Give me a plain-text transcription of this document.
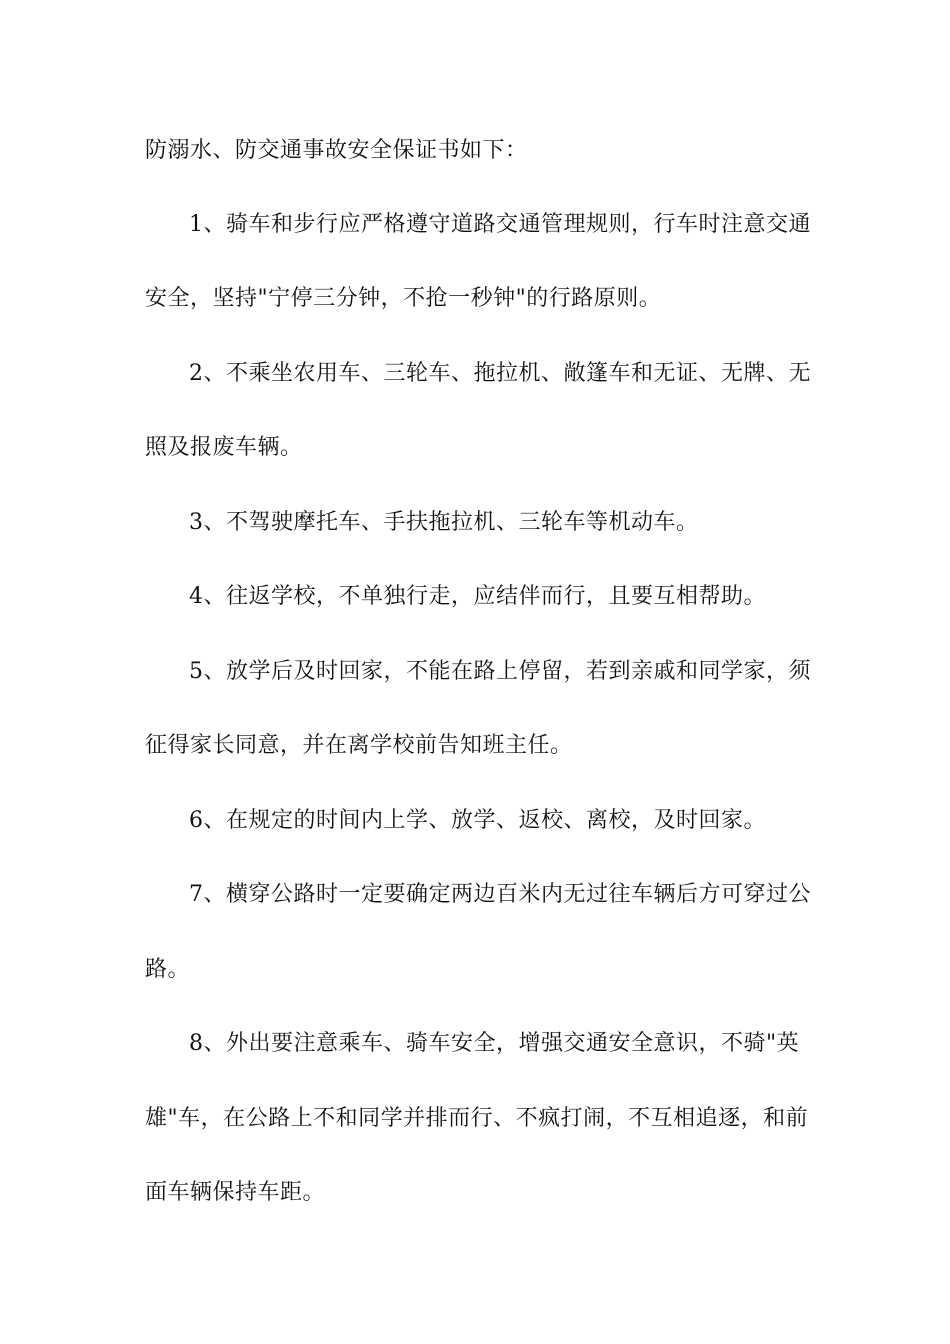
防溺水、防交通事故安全保证书如下：
1、骑车和步行应严格遵守道路交通管理规则，行车时注意交通
安全，坚持"宁停三分钟，不抢一秒钟"的行路原则。
2、不乘坐农用车、三轮车、拖拉机、敞篷车和无证、无牌、无
照及报废车辆。
3、不驾驶摩托车、手扶拖拉机、三轮车等机动车。
4、往返学校，不单独行走，应结伴而行，且要互相帮助。
5、放学后及时回家，不能在路上停留，若到亲戚和同学家，须
征得家长同意，并在离学校前告知班主任。
6、在规定的时间内上学、放学、返校、离校，及时回家。
7、横穿公路时一定要确定两边百米内无过往车辆后方可穿过公
路。
8、外出要注意乘车、骑车安全，增强交通安全意识，不骑"英
雄"车，在公路上不和同学并排而行、不疯打闹，不互相追逐，和前
面车辆保持车距。
